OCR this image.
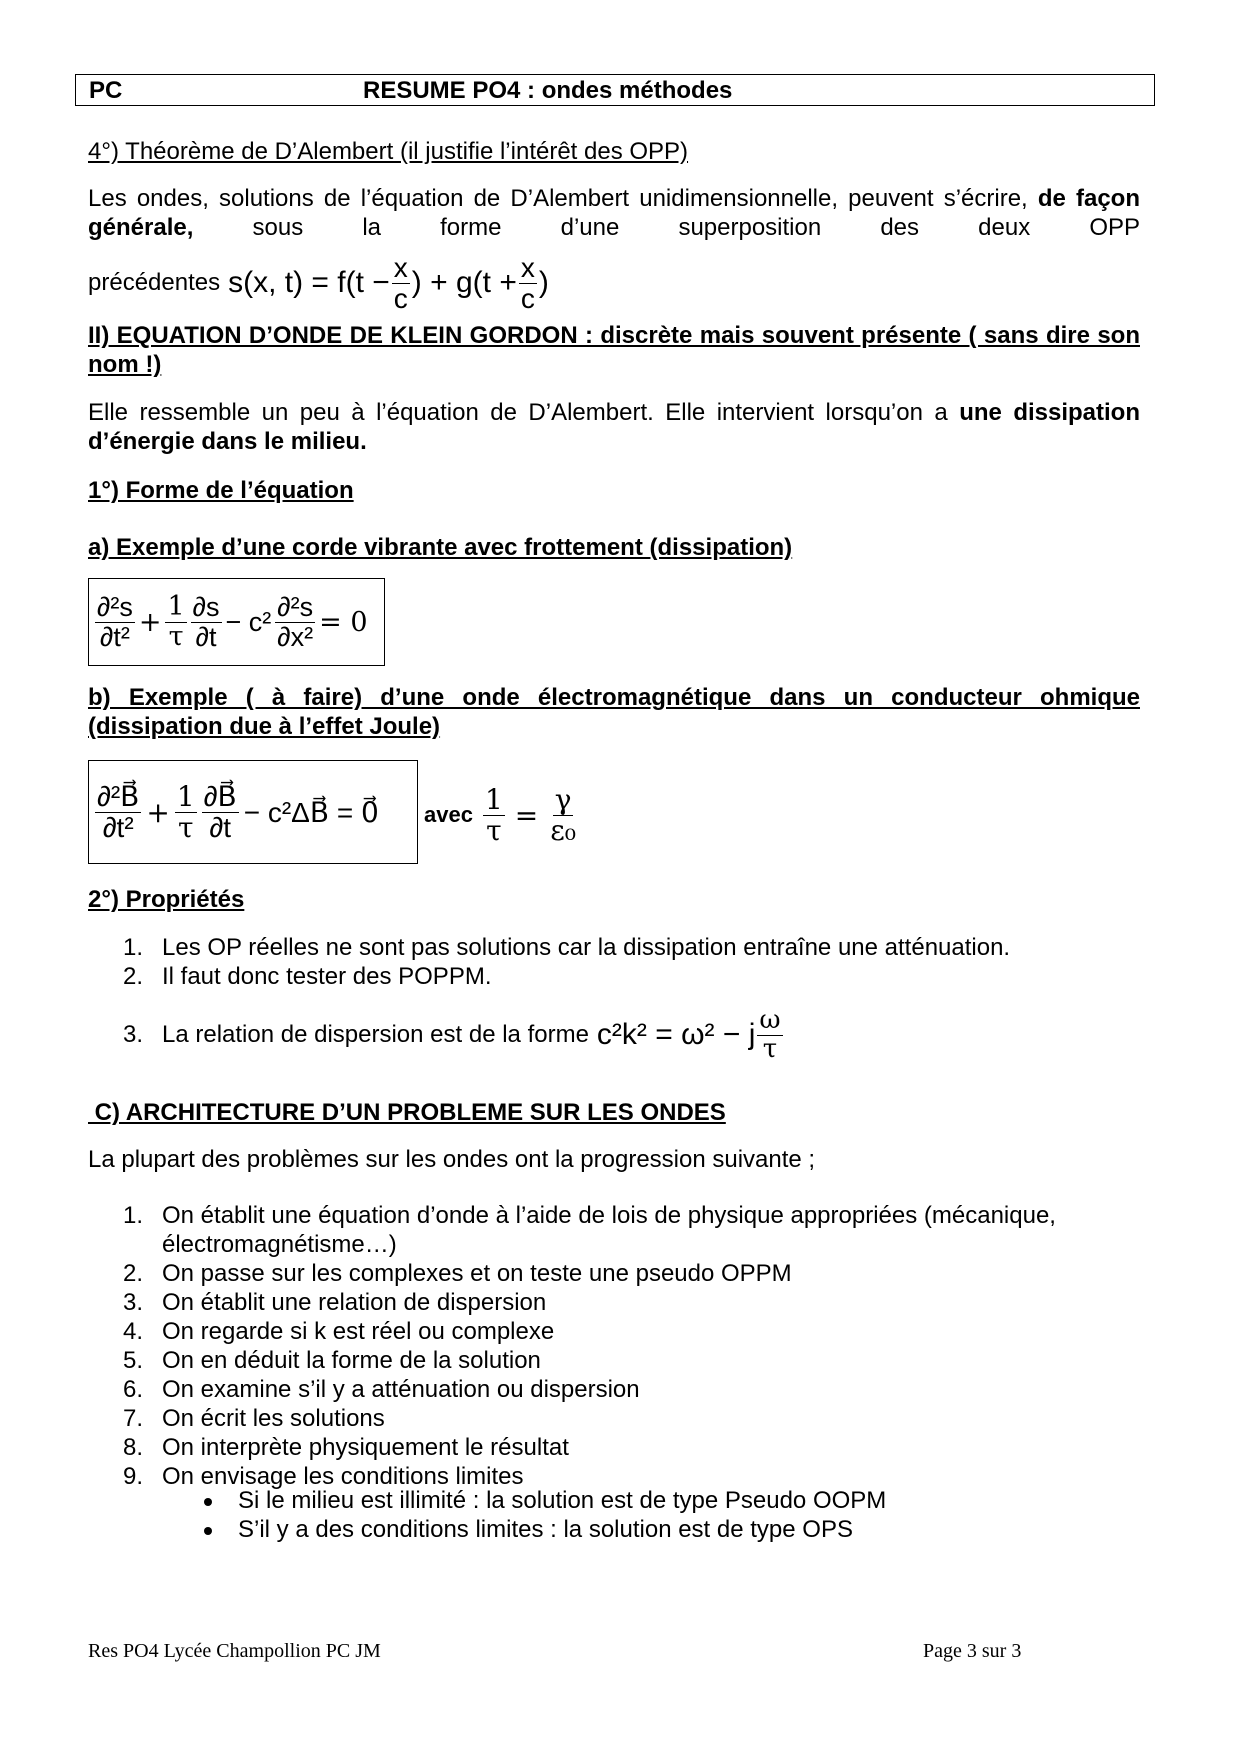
PC	RESUME PO4 : ondes méthodes
4°) Théorème de D’Alembert (il justifie l’intérêt des OPP)
Les ondes, solutions de l’équation de D’Alembert unidimensionnelle, peuvent s’écrire, de façon
générale, sous la forme d’une superposition des deux OPP
précédentes s(x, $t) = f(t - \frac{x}{c}$ ) + $g(t + \frac{x}{c}$ )
II) EQUATION D’ONDE DE KLEIN GORDON : discrète mais souvent présente ( sans dire son nom !)
Elle ressemble un peu à l’équation de D’Alembert. Elle intervient lorsqu’on a une dissipation d’énergie dans le milieu.
1°) Forme de l’équation
a) Exemple d’une corde vibrante avec frottement (dissipation)
$\frac{\text{∂²s}}{\text{∂t²}} + \frac{1}{\tau} \frac{\partial s}{\partial t} - c^2 \frac{\text{∂²s}}{\text{∂x²}} = 0$
b) Exemple ( à faire) d’une onde électromagnétique dans un conducteur ohmique (dissipation due à l’effet Joule)
$\frac{\text{∂²B⃗}}{\text{∂t²}} + \frac{1}{\tau} \frac{\partial B⃗}{\partial t}$ − c²ΔB⃗ = 0⃗ avec $\frac{1}{\tau} = \frac{\gamma}{\text{ε₀}}$
2°) Propriétés
1. Les OP réelles ne sont pas solutions car la dissipation entraîne une atténuation.
2. Il faut donc tester des POPPM.
3. La relation de dispersion est de la forme c²k² = ω² − j $\frac{\omega}{\tau}$
C) ARCHITECTURE D’UN PROBLEME SUR LES ONDES
La plupart des problèmes sur les ondes ont la progression suivante ;
1. On établit une équation d’onde à l’aide de lois de physique appropriées (mécanique, électromagnétisme…)
2. On passe sur les complexes et on teste une pseudo OPPM
3. On établit une relation de dispersion
4. On regarde si k est réel ou complexe
5. On en déduit la forme de la solution
6. On examine s’il y a atténuation ou dispersion
7. On écrit les solutions
8. On interprète physiquement le résultat
9. On envisage les conditions limites
Si le milieu est illimité : la solution est de type Pseudo OOPM
S’il y a des conditions limites : la solution est de type OPS
Res PO4 Lycée Champollion PC JM	Page 3 sur 3
